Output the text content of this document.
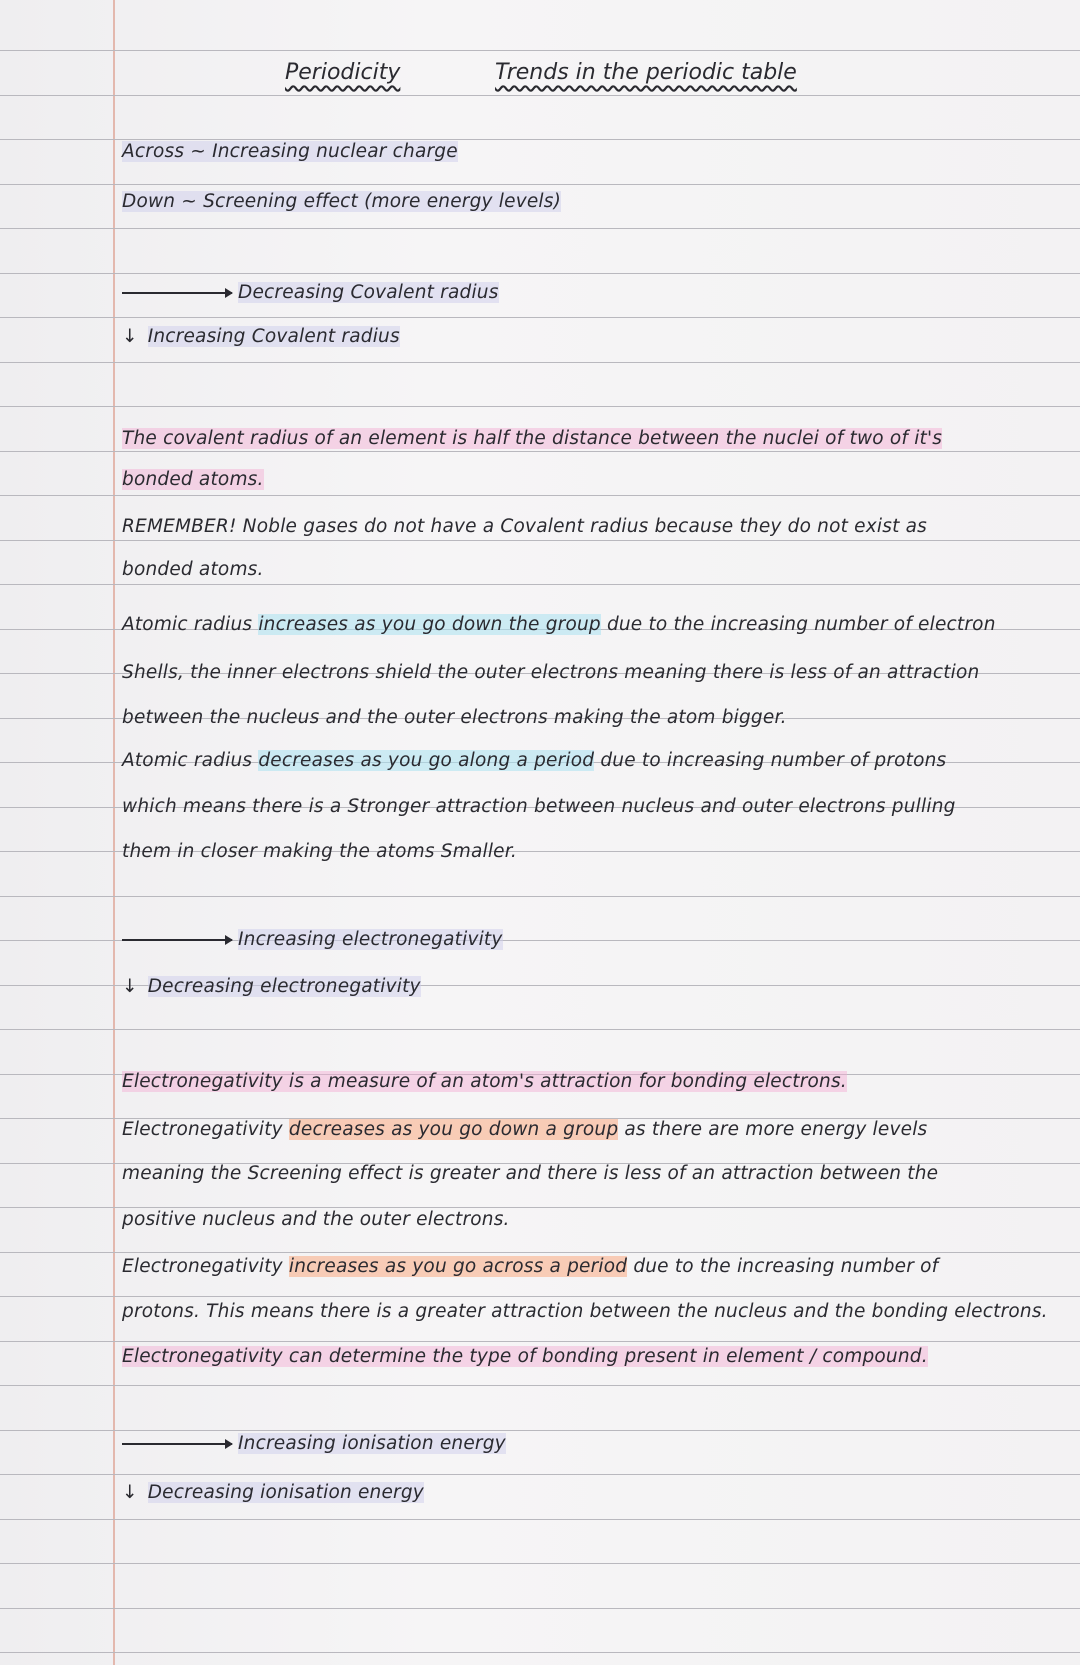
Periodicity	Trends in the periodic table
Across ~ Increasing nuclear charge
Down ~ Screening effect (more energy levels)
Decreasing Covalent radius
↓ Increasing Covalent radius
The covalent radius of an element is half the distance between the nuclei of two of it's
bonded atoms.
REMEMBER! Noble gases do not have a Covalent radius because they do not exist as
bonded atoms.
Atomic radius increases as you go down the group due to the increasing number of electron
Shells, the inner electrons shield the outer electrons meaning there is less of an attraction
between the nucleus and the outer electrons making the atom bigger.
Atomic radius decreases as you go along a period due to increasing number of protons
which means there is a Stronger attraction between nucleus and outer electrons pulling
them in closer making the atoms Smaller.
Increasing electronegativity
↓ Decreasing electronegativity
Electronegativity is a measure of an atom's attraction for bonding electrons.
Electronegativity decreases as you go down a group as there are more energy levels
meaning the Screening effect is greater and there is less of an attraction between the
positive nucleus and the outer electrons.
Electronegativity increases as you go across a period due to the increasing number of
protons. This means there is a greater attraction between the nucleus and the bonding electrons.
Electronegativity can determine the type of bonding present in element / compound.
Increasing ionisation energy
↓ Decreasing ionisation energy
